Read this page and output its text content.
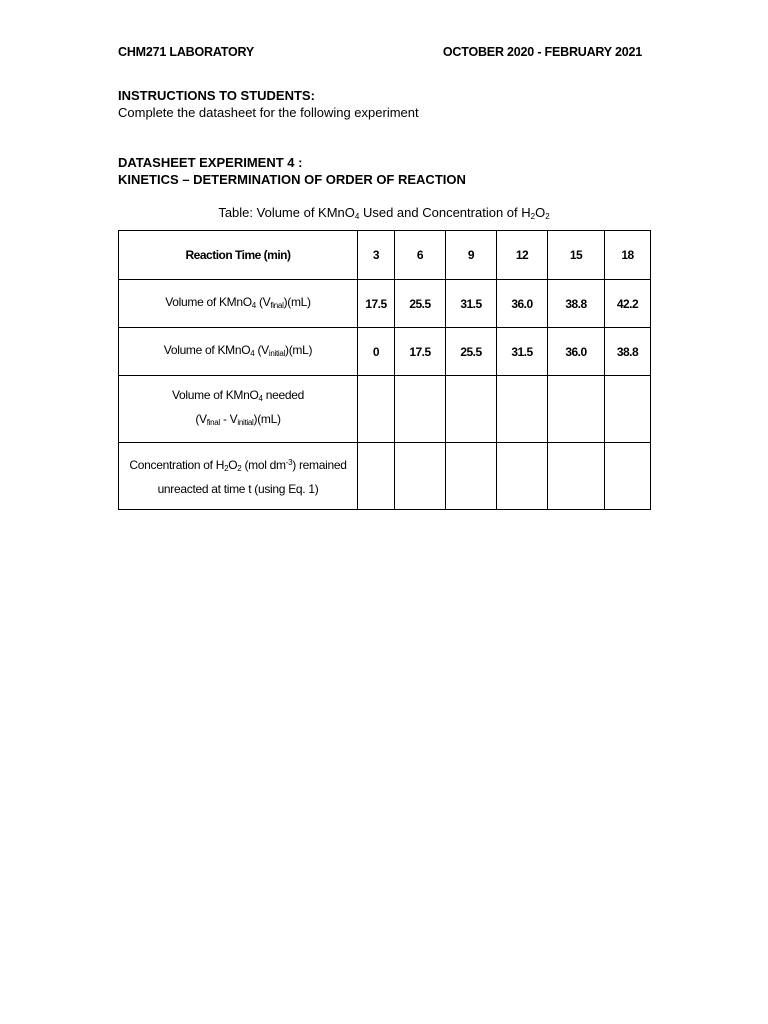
CHM271 LABORATORY	OCTOBER 2020 - FEBRUARY 2021
INSTRUCTIONS TO STUDENTS:
Complete the datasheet for the following experiment
DATASHEET EXPERIMENT 4 :
KINETICS – DETERMINATION OF ORDER OF REACTION
Table: Volume of KMnO$_4$ Used and Concentration of $H_2O_2$
Reaction Time (min)	3	6	9	12	15	18
Volume of KMnO$_4$ $(V_{final})(mL)$	17.5	25.5	31.5	36.0	38.8	42.2
Volume of KMnO$_4$ $(V_{initial})(mL)$	0	17.5	25.5	31.5	36.0	38.8
Volume of KMnO$_4$ needed
$(V_{final} - V_{initial})(mL)$						
Concentration of $H_2O_2$ (mol $dm^{-3}$) remained
unreacted at time t (using Eq. 1)						
